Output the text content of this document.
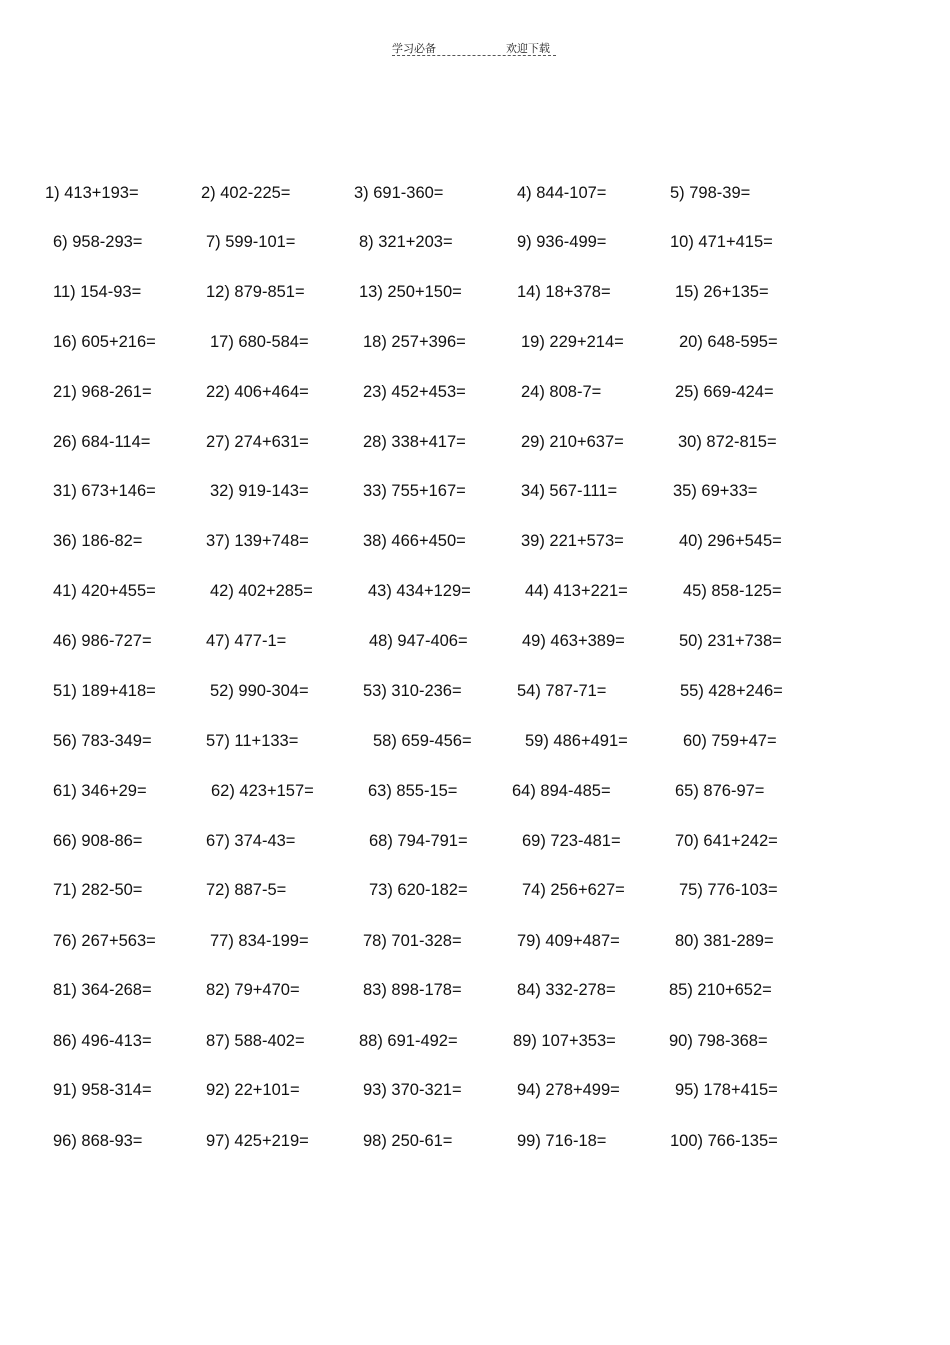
学习必备	欢迎下载
1) 413+193=	2) 402-225=	3) 691-360=	4) 844-107=	5) 798-39=
6) 958-293=	7) 599-101=	8) 321+203=	9) 936-499=	10) 471+415=
11) 154-93=	12) 879-851=	13) 250+150=	14) 18+378=	15) 26+135=
16) 605+216=	17) 680-584=	18) 257+396=	19) 229+214=	20) 648-595=
21) 968-261=	22) 406+464=	23) 452+453=	24) 808-7=	25) 669-424=
26) 684-114=	27) 274+631=	28) 338+417=	29) 210+637=	30) 872-815=
31) 673+146=	32) 919-143=	33) 755+167=	34) 567-111=	35) 69+33=
36) 186-82=	37) 139+748=	38) 466+450=	39) 221+573=	40) 296+545=
41) 420+455=	42) 402+285=	43) 434+129=	44) 413+221=	45) 858-125=
46) 986-727=	47) 477-1=	48) 947-406=	49) 463+389=	50) 231+738=
51) 189+418=	52) 990-304=	53) 310-236=	54) 787-71=	55) 428+246=
56) 783-349=	57) 11+133=	58) 659-456=	59) 486+491=	60) 759+47=
61) 346+29=	62) 423+157=	63) 855-15=	64) 894-485=	65) 876-97=
66) 908-86=	67) 374-43=	68) 794-791=	69) 723-481=	70) 641+242=
71) 282-50=	72) 887-5=	73) 620-182=	74) 256+627=	75) 776-103=
76) 267+563=	77) 834-199=	78) 701-328=	79) 409+487=	80) 381-289=
81) 364-268=	82) 79+470=	83) 898-178=	84) 332-278=	85) 210+652=
86) 496-413=	87) 588-402=	88) 691-492=	89) 107+353=	90) 798-368=
91) 958-314=	92) 22+101=	93) 370-321=	94) 278+499=	95) 178+415=
96) 868-93=	97) 425+219=	98) 250-61=	99) 716-18=	100) 766-135=
